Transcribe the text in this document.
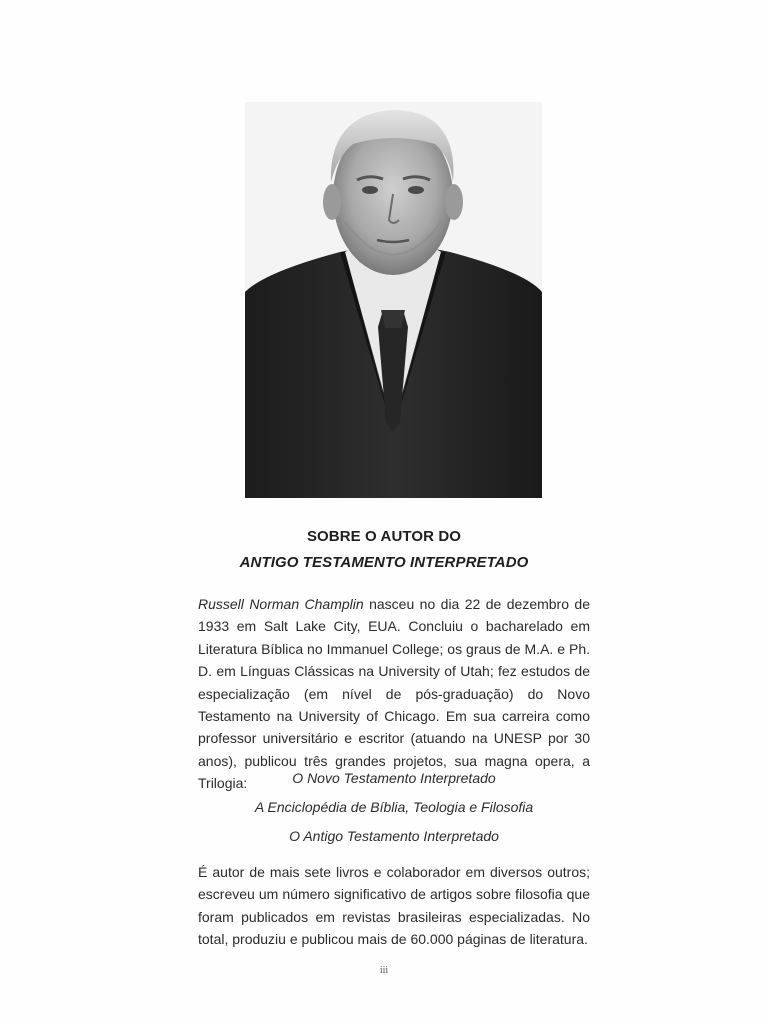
SOBRE O AUTOR DO
ANTIGO TESTAMENTO INTERPRETADO
Russell Norman Champlin nasceu no dia 22 de dezembro de 1933 em Salt Lake City, EUA. Concluiu o bacharelado em Literatura Bíblica no Immanuel College; os graus de M.A. e Ph. D. em Línguas Clássicas na University of Utah; fez estudos de especialização (em nível de pós-graduação) do Novo Testamento na University of Chicago. Em sua carreira como professor universitário e escritor (atuando na UNESP por 30 anos), publicou três grandes projetos, sua magna opera, a Trilogia:	O Novo Testamento Interpretado
A Enciclopédia de Bíblia, Teologia e Filosofia
O Antigo Testamento Interpretado
É autor de mais sete livros e colaborador em diversos outros; escreveu um número significativo de artigos sobre filosofia que foram publicados em revistas brasileiras especializadas. No total, produziu e publicou mais de 60.000 páginas de literatura.
iii
